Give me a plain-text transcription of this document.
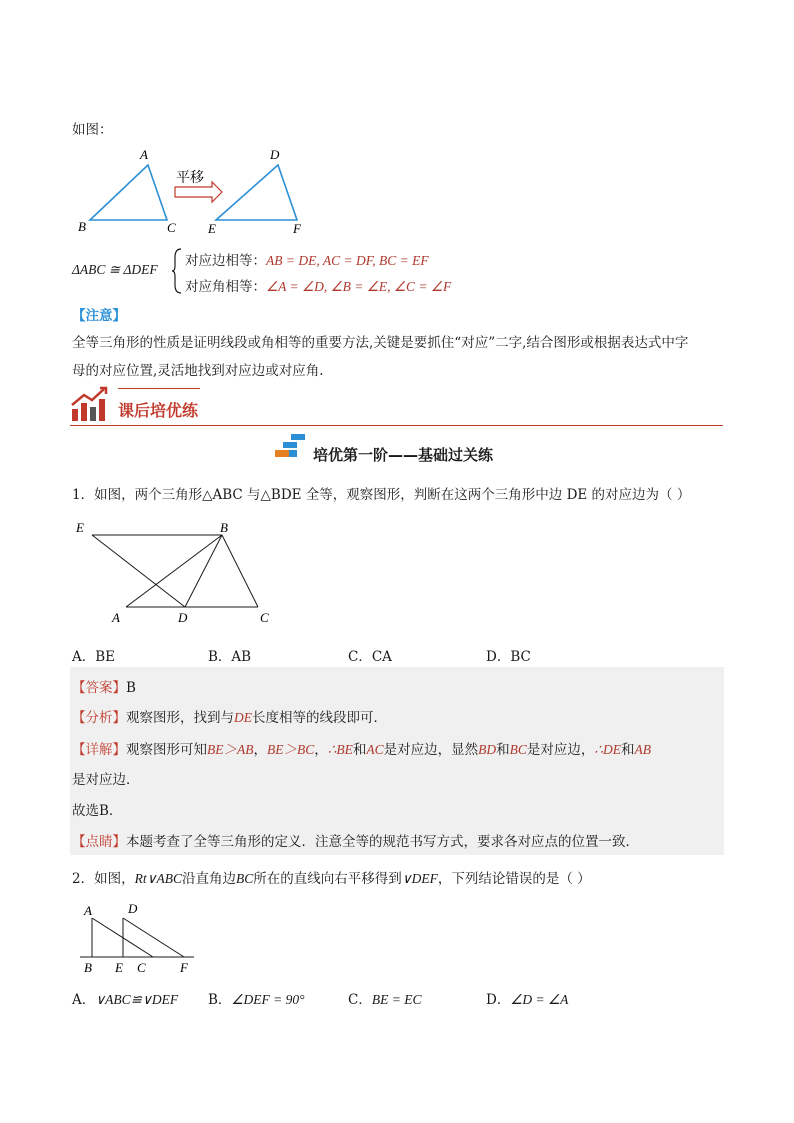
如图：
A
B	C
D
E	F
平移
ΔABC ≅ ΔDEF
对应边相等：AB = DE, AC = DF, BC = EF
对应角相等：∠A = ∠D, ∠B = ∠E, ∠C = ∠F
【注意】
全等三角形的性质是证明线段或角相等的重要方法,关键是要抓住“对应”二字,结合图形或根据表达式中字
母的对应位置,灵活地找到对应边或对应角.
课后培优练
培优第一阶——基础过关练
1．如图，两个三角形△ABC 与△BDE 全等，观察图形，判断在这两个三角形中边 DE 的对应边为（ ）
E	B
A	D	C
A．BE	B．AB	C．CA	D．BC
【答案】B
【分析】观察图形，找到与DE长度相等的线段即可．
【详解】观察图形可知BE＞AB，BE＞BC，∴BE和AC是对应边，显然BD和BC是对应边，∴DE和AB
是对应边．
故选B．
【点睛】本题考查了全等三角形的定义．注意全等的规范书写方式，要求各对应点的位置一致．
2．如图，Rt∨ABC沿直角边BC所在的直线向右平移得到∨DEF，下列结论错误的是（ ）
A	D
B E C	F
A．∨ABC≌∨DEF B．∠DEF = 90°	C．BE = EC	D．∠D = ∠A
